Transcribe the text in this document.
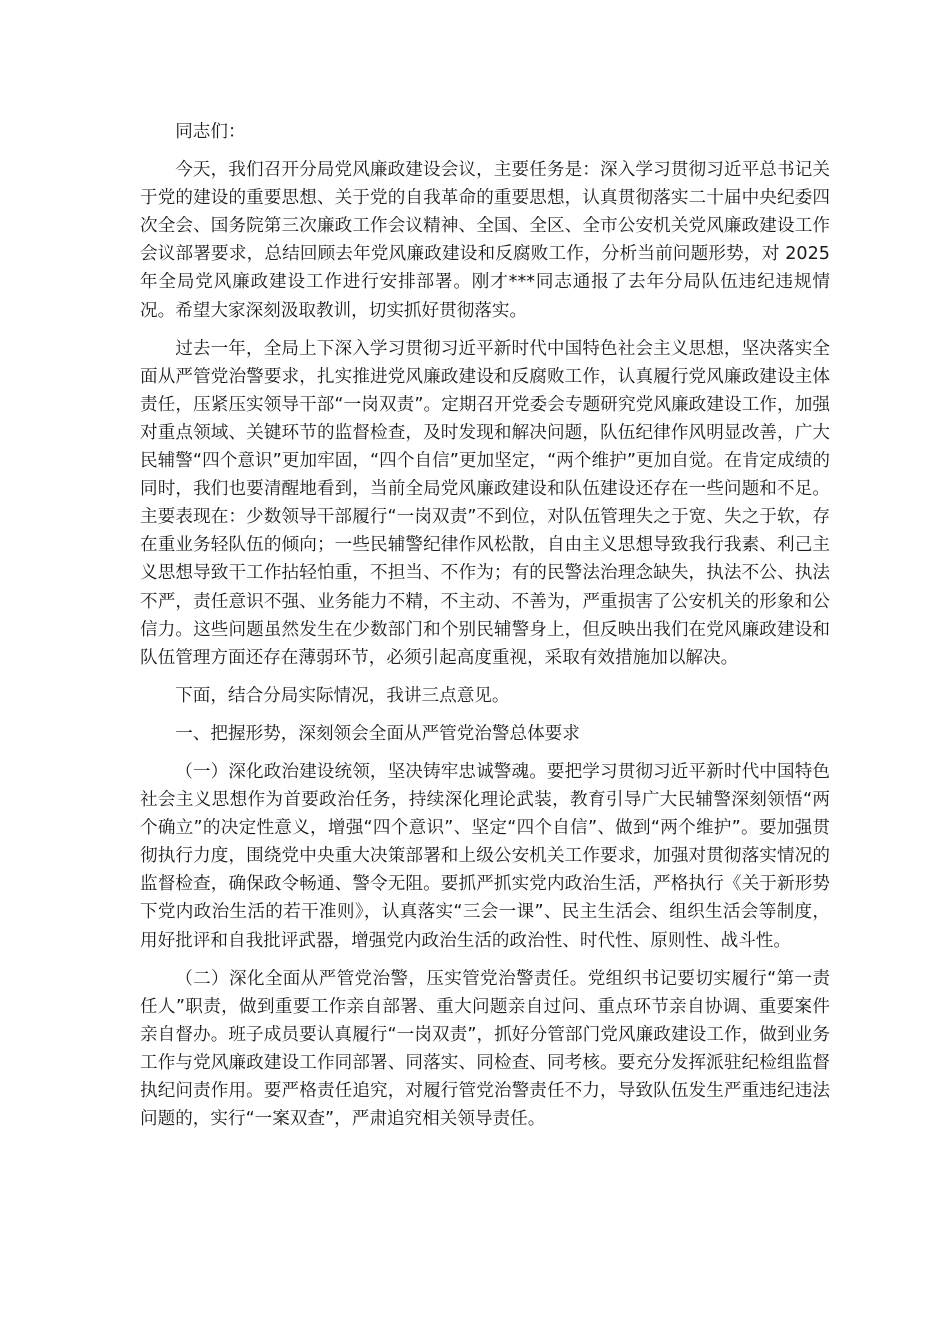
同志们：

今天，我们召开分局党风廉政建设会议，主要任务是：深入学习贯彻习近平总书记关于党的建设的重要思想、关于党的自我革命的重要思想，认真贯彻落实二十届中央纪委四次全会、国务院第三次廉政工作会议精神、全国、全区、全市公安机关党风廉政建设工作会议部署要求，总结回顾去年党风廉政建设和反腐败工作，分析当前问题形势，对 2025 年全局党风廉政建设工作进行安排部署。刚才***同志通报了去年分局队伍违纪违规情况。希望大家深刻汲取教训，切实抓好贯彻落实。

过去一年，全局上下深入学习贯彻习近平新时代中国特色社会主义思想，坚决落实全面从严管党治警要求，扎实推进党风廉政建设和反腐败工作，认真履行党风廉政建设主体责任，压紧压实领导干部“一岗双责”。定期召开党委会专题研究党风廉政建设工作，加强对重点领域、关键环节的监督检查，及时发现和解决问题，队伍纪律作风明显改善，广大民辅警“四个意识”更加牢固，“四个自信”更加坚定，“两个维护”更加自觉。在肯定成绩的同时，我们也要清醒地看到，当前全局党风廉政建设和队伍建设还存在一些问题和不足。主要表现在：少数领导干部履行“一岗双责”不到位，对队伍管理失之于宽、失之于软，存在重业务轻队伍的倾向；一些民辅警纪律作风松散，自由主义思想导致我行我素、利己主义思想导致干工作拈轻怕重，不担当、不作为；有的民警法治理念缺失，执法不公、执法不严，责任意识不强、业务能力不精，不主动、不善为，严重损害了公安机关的形象和公信力。这些问题虽然发生在少数部门和个别民辅警身上，但反映出我们在党风廉政建设和队伍管理方面还存在薄弱环节，必须引起高度重视，采取有效措施加以解决。

下面，结合分局实际情况，我讲三点意见。

一、把握形势，深刻领会全面从严管党治警总体要求

（一）深化政治建设统领，坚决铸牢忠诚警魂。要把学习贯彻习近平新时代中国特色社会主义思想作为首要政治任务，持续深化理论武装，教育引导广大民辅警深刻领悟“两个确立”的决定性意义，增强“四个意识”、坚定“四个自信”、做到“两个维护”。要加强贯彻执行力度，围绕党中央重大决策部署和上级公安机关工作要求，加强对贯彻落实情况的监督检查，确保政令畅通、警令无阻。要抓严抓实党内政治生活，严格执行《关于新形势下党内政治生活的若干准则》，认真落实“三会一课”、民主生活会、组织生活会等制度，用好批评和自我批评武器，增强党内政治生活的政治性、时代性、原则性、战斗性。

（二）深化全面从严管党治警，压实管党治警责任。党组织书记要切实履行“第一责任人”职责，做到重要工作亲自部署、重大问题亲自过问、重点环节亲自协调、重要案件亲自督办。班子成员要认真履行“一岗双责”，抓好分管部门党风廉政建设工作，做到业务工作与党风廉政建设工作同部署、同落实、同检查、同考核。要充分发挥派驻纪检组监督执纪问责作用。要严格责任追究，对履行管党治警责任不力，导致队伍发生严重违纪违法问题的，实行“一案双查”，严肃追究相关领导责任。
